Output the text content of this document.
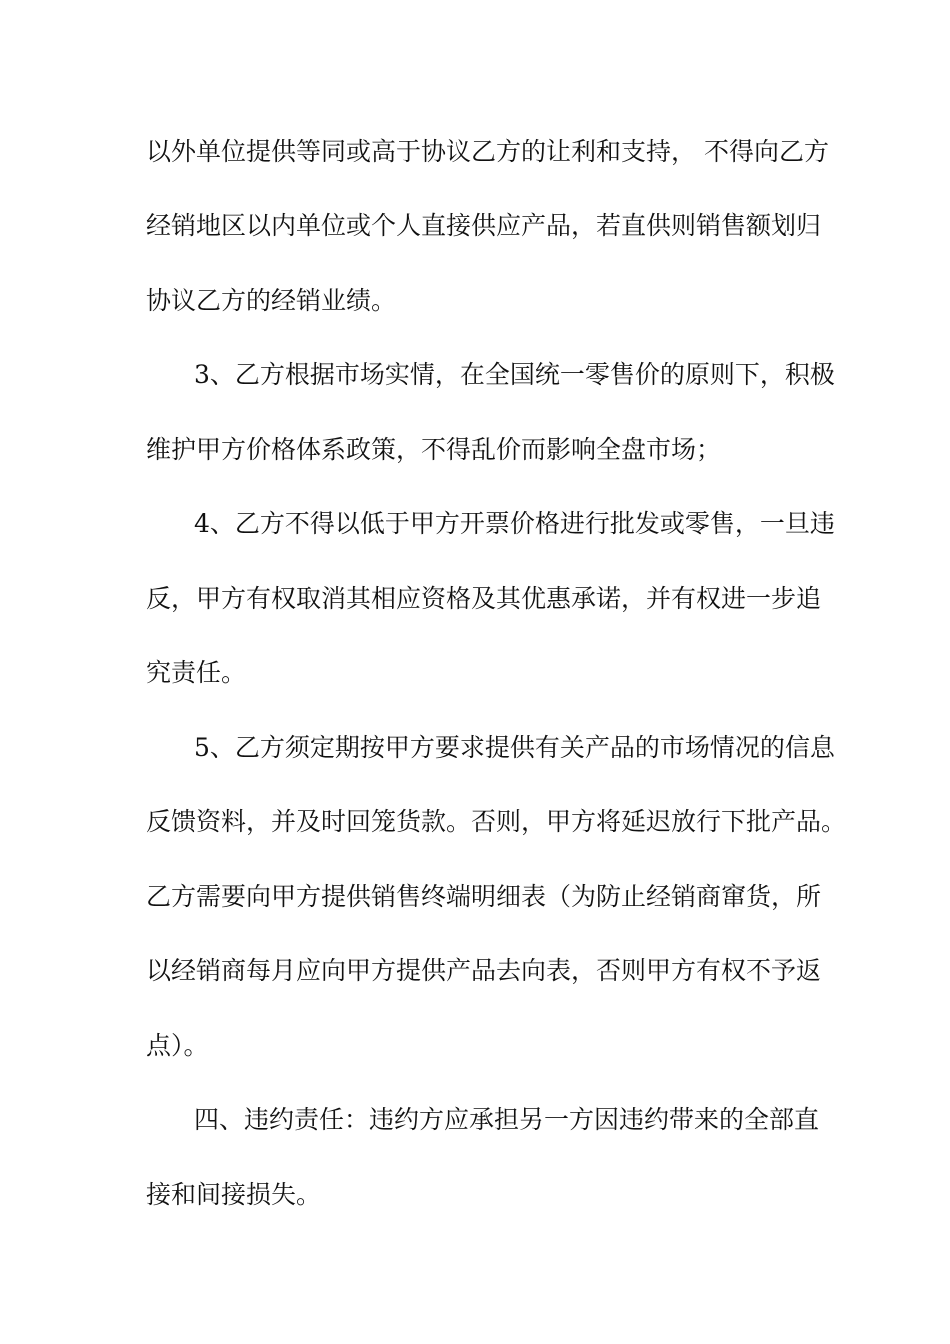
以外单位提供等同或高于协议乙方的让利和支持， 不得向乙方
经销地区以内单位或个人直接供应产品，若直供则销售额划归
协议乙方的经销业绩。
3、乙方根据市场实情，在全国统一零售价的原则下，积极
维护甲方价格体系政策，不得乱价而影响全盘市场；
4、乙方不得以低于甲方开票价格进行批发或零售，一旦违
反，甲方有权取消其相应资格及其优惠承诺，并有权进一步追
究责任。
5、乙方须定期按甲方要求提供有关产品的市场情况的信息
反馈资料，并及时回笼货款。否则，甲方将延迟放行下批产品。
乙方需要向甲方提供销售终端明细表（为防止经销商窜货，所
以经销商每月应向甲方提供产品去向表，否则甲方有权不予返
点）。
四、违约责任：违约方应承担另一方因违约带来的全部直
接和间接损失。
